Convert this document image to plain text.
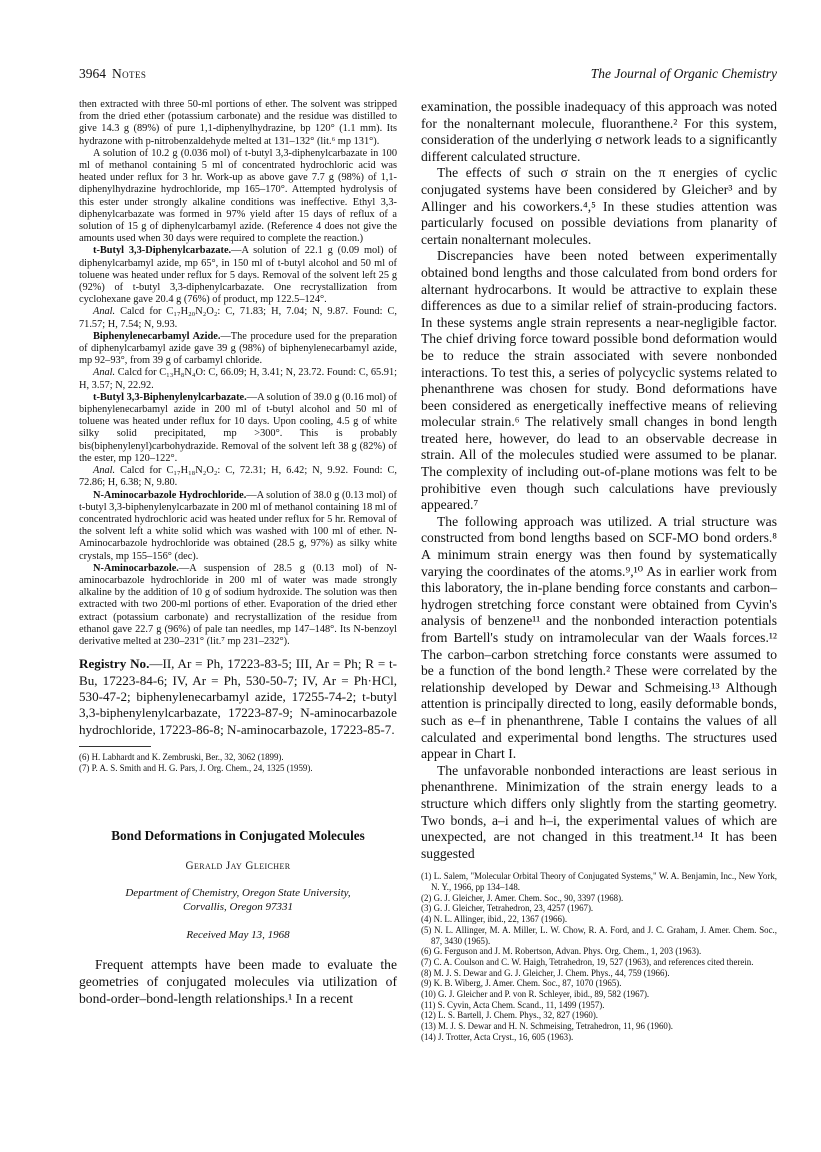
3964 Notes	The Journal of Organic Chemistry

then extracted with three 50-ml portions of ether. The solvent was stripped from the dried ether (potassium carbonate) and the residue was distilled to give 14.3 g (89%) of pure 1,1-diphenylhydrazine, bp 120° (1.1 mm). Its hydrazone with p-nitrobenzaldehyde melted at 131–132° (lit.⁶ mp 131°).

A solution of 10.2 g (0.036 mol) of t-butyl 3,3-diphenylcarbazate in 100 ml of methanol containing 5 ml of concentrated hydrochloric acid was heated under reflux for 3 hr. Work-up as above gave 7.7 g (98%) of 1,1-diphenylhydrazine hydrochloride, mp 165–170°. Attempted hydrolysis of this ester under strongly alkaline conditions was ineffective. Ethyl 3,3-diphenylcarbazate was formed in 97% yield after 15 days of reflux of a solution of 15 g of diphenylcarbamyl azide. (Reference 4 does not give the amounts used when 30 days were required to complete the reaction.)

t-Butyl 3,3-Diphenylcarbazate.—A solution of 22.1 g (0.09 mol) of diphenylcarbamyl azide, mp 65°, in 150 ml of t-butyl alcohol and 50 ml of toluene was heated under reflux for 5 days. Removal of the solvent left 25 g (92%) of t-butyl 3,3-diphenylcarbazate. One recrystallization from cyclohexane gave 20.4 g (76%) of product, mp 122.5–124°.

Anal. Calcd for C₁₇H₂₀N₂O₂: C, 71.83; H, 7.04; N, 9.87. Found: C, 71.57; H, 7.54; N, 9.93.

Biphenylenecarbamyl Azide.—The procedure used for the preparation of diphenylcarbamyl azide gave 39 g (98%) of biphenylenecarbamyl azide, mp 92–93°, from 39 g of carbamyl chloride.

Anal. Calcd for C₁₃H₈N₄O: C, 66.09; H, 3.41; N, 23.72. Found: C, 65.91; H, 3.57; N, 22.92.

t-Butyl 3,3-Biphenylenylcarbazate.—A solution of 39.0 g (0.16 mol) of biphenylenecarbamyl azide in 200 ml of t-butyl alcohol and 50 ml of toluene was heated under reflux for 10 days. Upon cooling, 4.5 g of white silky solid precipitated, mp >300°. This is probably bis(biphenylenyl)carbohydrazide. Removal of the solvent left 38 g (82%) of the ester, mp 120–122°.

Anal. Calcd for C₁₇H₁₈N₂O₂: C, 72.31; H, 6.42; N, 9.92. Found: C, 72.86; H, 6.38; N, 9.80.

N-Aminocarbazole Hydrochloride.—A solution of 38.0 g (0.13 mol) of t-butyl 3,3-biphenylenylcarbazate in 200 ml of methanol containing 18 ml of concentrated hydrochloric acid was heated under reflux for 5 hr. Removal of the solvent left a white solid which was washed with 100 ml of ether. N-Aminocarbazole hydrochloride was obtained (28.5 g, 97%) as silky white crystals, mp 155–156° (dec).

N-Aminocarbazole.—A suspension of 28.5 g (0.13 mol) of N-aminocarbazole hydrochloride in 200 ml of water was made strongly alkaline by the addition of 10 g of sodium hydroxide. The solution was then extracted with two 200-ml portions of ether. Evaporation of the dried ether extract (potassium carbonate) and recrystallization of the residue from ethanol gave 22.7 g (96%) of pale tan needles, mp 147–148°. Its N-benzoyl derivative melted at 230–231° (lit.⁷ mp 231–232°).

Registry No.—II, Ar = Ph, 17223-83-5; III, Ar = Ph; R = t-Bu, 17223-84-6; IV, Ar = Ph, 530-50-7; IV, Ar = Ph·HCl, 530-47-2; biphenylenecarbamyl azide, 17255-74-2; t-butyl 3,3-biphenylenylcarbazate, 17223-87-9; N-aminocarbazole hydrochloride, 17223-86-8; N-aminocarbazole, 17223-85-7.
(6) H. Labhardt and K. Zembruski, Ber., 32, 3062 (1899).
(7) P. A. S. Smith and H. G. Pars, J. Org. Chem., 24, 1325 (1959).
Bond Deformations in Conjugated Molecules
Gerald Jay Gleicher
Department of Chemistry, Oregon State University,
Corvallis, Oregon 97331
Received May 13, 1968

Frequent attempts have been made to evaluate the geometries of conjugated molecules via utilization of bond-order–bond-length relationships.¹ In a recent

examination, the possible inadequacy of this approach was noted for the nonalternant molecule, fluoranthene.² For this system, consideration of the underlying σ network leads to a significantly different calculated structure.

The effects of such σ strain on the π energies of cyclic conjugated systems have been considered by Gleicher³ and by Allinger and his coworkers.⁴,⁵ In these studies attention was particularly focused on possible deviations from planarity of certain nonalternant molecules.

Discrepancies have been noted between experimentally obtained bond lengths and those calculated from bond orders for alternant hydrocarbons. It would be attractive to explain these differences as due to a similar relief of strain-producing factors. In these systems angle strain represents a near-negligible factor. The chief driving force toward possible bond deformation would be to reduce the strain associated with severe nonbonded interactions. To test this, a series of polycyclic systems related to phenanthrene was chosen for study. Bond deformations have been considered as energetically ineffective means of relieving molecular strain.⁶ The relatively small changes in bond length treated here, however, do lead to an observable decrease in strain. All of the molecules studied were assumed to be planar. The complexity of including out-of-plane motions was felt to be prohibitive even though such calculations have previously appeared.⁷

The following approach was utilized. A trial structure was constructed from bond lengths based on SCF-MO bond orders.⁸ A minimum strain energy was then found by systematically varying the coordinates of the atoms.⁹,¹⁰ As in earlier work from this laboratory, the in-plane bending force constants and carbon–hydrogen stretching force constant were obtained from Cyvin's analysis of benzene¹¹ and the nonbonded interaction potentials from Bartell's study on intramolecular van der Waals forces.¹² The carbon–carbon stretching force constants were assumed to be a function of the bond length.² These were correlated by the relationship developed by Dewar and Schmeising.¹³ Although attention is principally directed to long, easily deformable bonds, such as e–f in phenanthrene, Table I contains the values of all calculated and experimental bond lengths. The structures used appear in Chart I.

The unfavorable nonbonded interactions are least serious in phenanthrene. Minimization of the strain energy leads to a structure which differs only slightly from the starting geometry. Two bonds, a–i and h–i, the experimental values of which are unexpected, are not changed in this treatment.¹⁴ It has been suggested

(1) L. Salem, "Molecular Orbital Theory of Conjugated Systems," W. A. Benjamin, Inc., New York, N. Y., 1966, pp 134–148.
(2) G. J. Gleicher, J. Amer. Chem. Soc., 90, 3397 (1968).
(3) G. J. Gleicher, Tetrahedron, 23, 4257 (1967).
(4) N. L. Allinger, ibid., 22, 1367 (1966).
(5) N. L. Allinger, M. A. Miller, L. W. Chow, R. A. Ford, and J. C. Graham, J. Amer. Chem. Soc., 87, 3430 (1965).
(6) G. Ferguson and J. M. Robertson, Advan. Phys. Org. Chem., 1, 203 (1963).
(7) C. A. Coulson and C. W. Haigh, Tetrahedron, 19, 527 (1963), and references cited therein.
(8) M. J. S. Dewar and G. J. Gleicher, J. Chem. Phys., 44, 759 (1966).
(9) K. B. Wiberg, J. Amer. Chem. Soc., 87, 1070 (1965).
(10) G. J. Gleicher and P. von R. Schleyer, ibid., 89, 582 (1967).
(11) S. Cyvin, Acta Chem. Scand., 11, 1499 (1957).
(12) L. S. Bartell, J. Chem. Phys., 32, 827 (1960).
(13) M. J. S. Dewar and H. N. Schmeising, Tetrahedron, 11, 96 (1960).
(14) J. Trotter, Acta Cryst., 16, 605 (1963).
